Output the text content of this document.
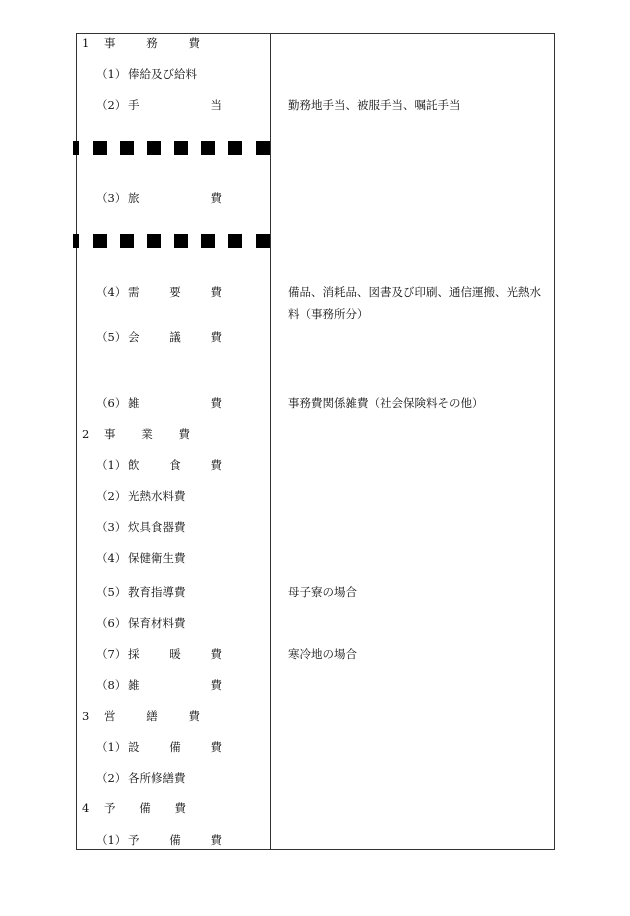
1 事	務	費
（1） 俸給及び給料
（2） 手	当	勤務地手当、被服手当、嘱託手当
（3） 旅	費
（4） 需	要	費	備品、消耗品、図書及び印刷、通信運搬、光熱水
料（事務所分）
（5） 会	議	費
（6） 雑	費	事務費関係雑費（社会保険料その他）
2 事 業 費
（1） 飲	食	費
（2） 光熱水料費
（3） 炊具食器費
（4） 保健衛生費
（5） 教育指導費	母子寮の場合
（6） 保育材料費
（7） 採	暖	費	寒冷地の場合
（8） 雑	費
3 営	繕	費
（1） 設	備	費
（2） 各所修繕費
4 予 備 費
（1） 予	備	費
